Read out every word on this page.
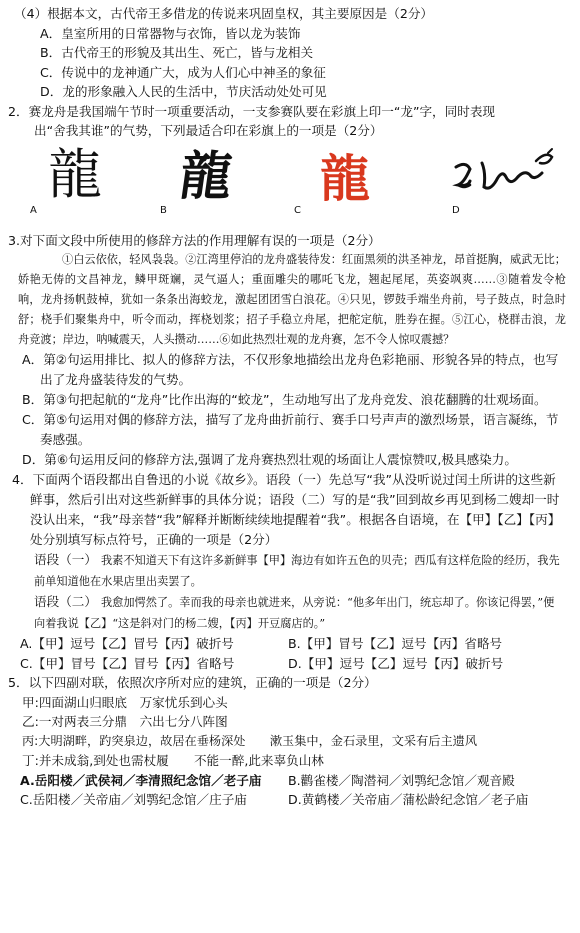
（4）根据本文，古代帝王多借龙的传说来巩固皇权，其主要原因是（2分）
A．皇室所用的日常器物与衣饰，皆以龙为装饰
B．古代帝王的形貌及其出生、死亡，皆与龙相关
C．传说中的龙神通广大，成为人们心中神圣的象征
D．龙的形象融入人民的生活中，节庆活动处处可见
2．赛龙舟是我国端午节时一项重要活动，一支参赛队要在彩旗上印一“龙”字，同时表现
出“舍我其谁”的气势，下列最适合印在彩旗上的一项是（2分）
龍 龍 龍
A	B	C	D
3.对下面文段中所使用的修辞方法的作用理解有误的一项是（2分）
①白云依依，轻风袅袅。②江湾里停泊的龙舟盛装待发：红面黑须的洪圣神龙，昂首挺胸，威武无比；娇艳无俦的文昌神龙，鳞甲斑斓，灵气逼人；重面雕尖的哪吒飞龙，翘起尾尾，英姿飒爽……③随着发令枪响，龙舟扬帆鼓棹，犹如一条条出海蛟龙，激起团团雪白浪花。④只见，锣鼓手端坐舟前，号子鼓点，时急时舒；桡手们聚集舟中，听令而动，挥桡划浆；招子手稳立舟尾，把舵定航，胜券在握。⑤江心，桡群击浪，龙舟竞渡；岸边，呐喊震天，人头攒动……⑥如此热烈壮观的龙舟赛，怎不令人惊叹震撼？
A．第②句运用排比、拟人的修辞方法，不仅形象地描绘出龙舟色彩艳丽、形貌各异的特点，也写出了龙舟盛装待发的气势。
B．第③句把起航的“龙舟”比作出海的“蛟龙”，生动地写出了龙舟竞发、浪花翻腾的壮观场面。
C．第⑤句运用对偶的修辞方法，描写了龙舟曲折前行、赛手口号声声的激烈场景，语言凝练，节奏感强。
D．第⑥句运用反问的修辞方法,强调了龙舟赛热烈壮观的场面让人震惊赞叹,极具感染力。
4．下面两个语段都出自鲁迅的小说《故乡》。语段（一）先总写“我”从没听说过闰土所讲的这些新鲜事，然后引出对这些新鲜事的具体分说；语段（二）写的是“我”回到故乡再见到杨二嫂却一时没认出来，“我”母亲替“我”解释并断断续续地提醒着“我”。根据各自语境，在【甲】【乙】【丙】处分别填写标点符号，正确的一项是（2分）
语段（一） 我素不知道天下有这许多新鲜事【甲】海边有如许五色的贝壳；西瓜有这样危险的经历，我先前单知道他在水果店里出卖罢了。
语段（二） 我愈加愕然了。幸而我的母亲也就进来，从旁说：“他多年出门，统忘却了。你该记得罢，”便向着我说【乙】“这是斜对门的杨二嫂，【丙】开豆腐店的。”
A.【甲】逗号【乙】冒号【丙】破折号	B.【甲】冒号【乙】逗号【丙】省略号
C.【甲】冒号【乙】冒号【丙】省略号	D.【甲】逗号【乙】逗号【丙】破折号
5．以下四副对联，依照次序所对应的建筑，正确的一项是（2分）
甲:四面湖山归眼底　万家忧乐到心头
乙:一对两表三分鼎　六出七分八阵图
丙:大明湖畔，趵突泉边，故居在垂杨深处　　漱玉集中，金石录里，文采有后主遗风
丁:并未成翁,到处也需杖履　　不能一醉,此来辜负山林
A.岳阳楼／武侯祠／李清照纪念馆／老子庙	B.鹳雀楼／陶潜祠／刘鹗纪念馆／观音殿
C.岳阳楼／关帝庙／刘鹗纪念馆／庄子庙	D.黄鹤楼／关帝庙／蒲松龄纪念馆／老子庙
